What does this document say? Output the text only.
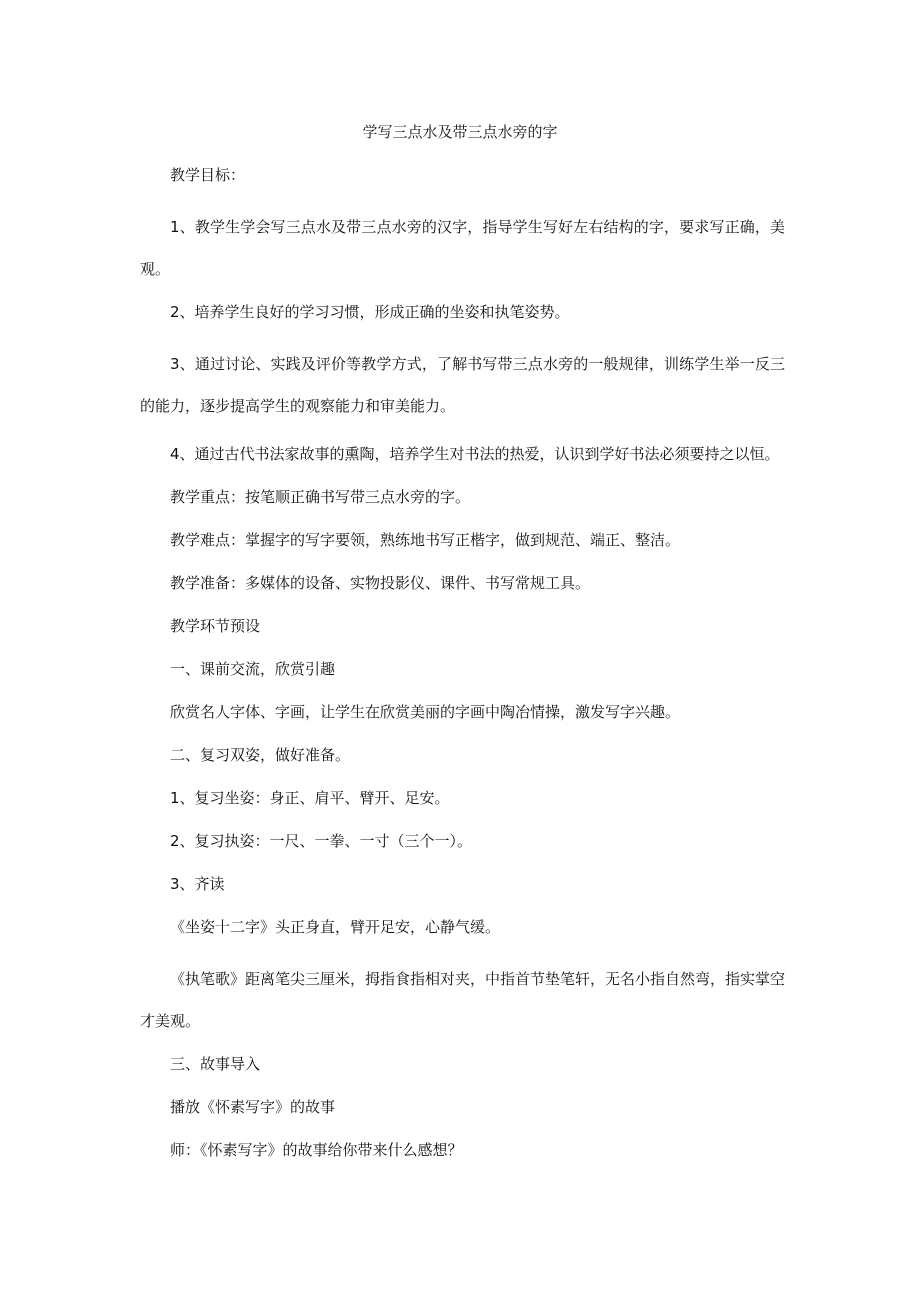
学写三点水及带三点水旁的字

教学目标：

1、教学生学会写三点水及带三点水旁的汉字，指导学生写好左右结构的字，要求写正确，美观。

2、培养学生良好的学习习惯，形成正确的坐姿和执笔姿势。

3、通过讨论、实践及评价等教学方式，了解书写带三点水旁的一般规律，训练学生举一反三的能力，逐步提高学生的观察能力和审美能力。

4、通过古代书法家故事的熏陶，培养学生对书法的热爱，认识到学好书法必须要持之以恒。

教学重点：按笔顺正确书写带三点水旁的字。

教学难点：掌握字的写字要领，熟练地书写正楷字，做到规范、端正、整洁。

教学准备：多媒体的设备、实物投影仪、课件、书写常规工具。

教学环节预设

一、课前交流，欣赏引趣

欣赏名人字体、字画，让学生在欣赏美丽的字画中陶冶情操，激发写字兴趣。

二、复习双姿，做好准备。

1、复习坐姿：身正、肩平、臂开、足安。

2、复习执姿：一尺、一拳、一寸（三个一）。

3、齐读

《坐姿十二字》头正身直，臂开足安，心静气缓。

《执笔歌》距离笔尖三厘米，拇指食指相对夹，中指首节垫笔轩，无名小指自然弯，指实掌空才美观。

三、故事导入

播放《怀素写字》的故事

师：《怀素写字》的故事给你带来什么感想？
